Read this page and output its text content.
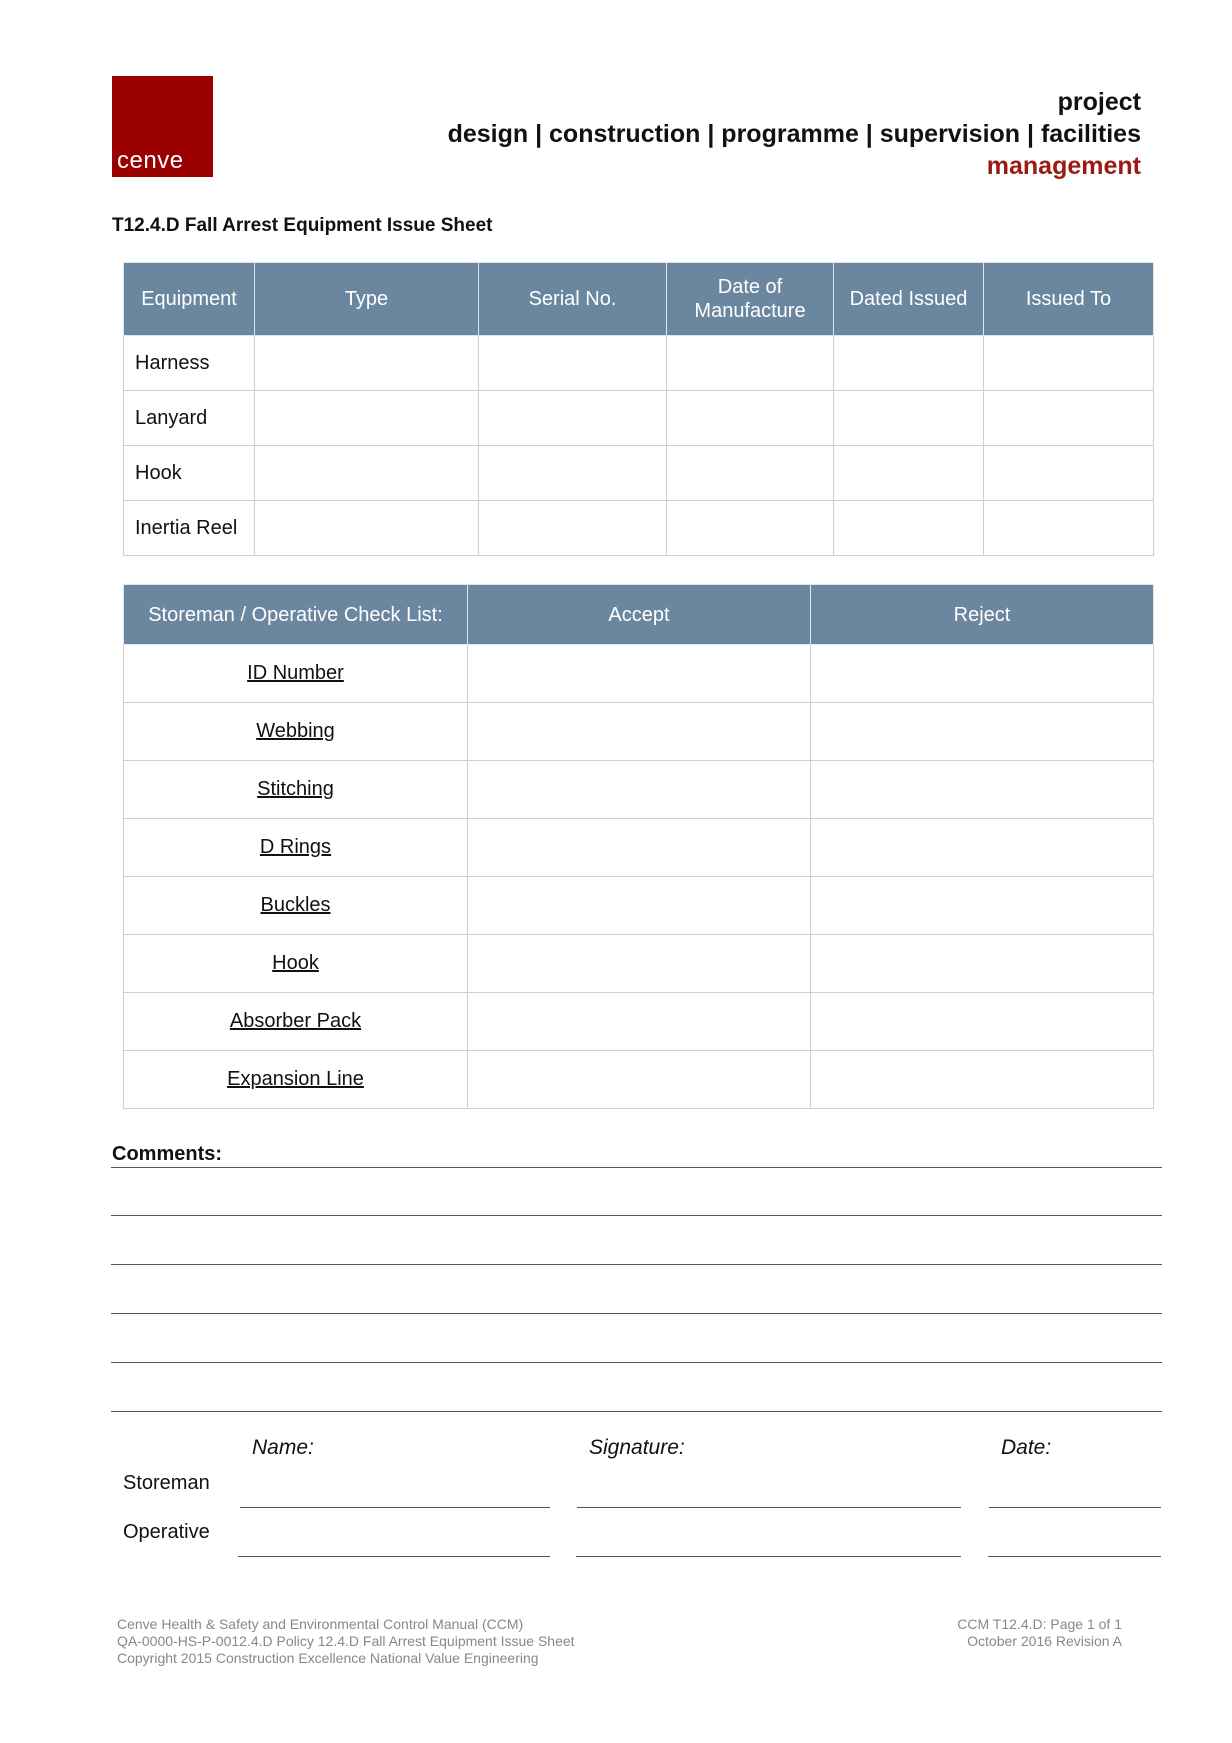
cenve
project
design | construction | programme | supervision | facilities
management
T12.4.D Fall Arrest Equipment Issue Sheet
Equipment	Type	Serial No.	Date of Manufacture	Dated Issued	Issued To
Harness					
Lanyard					
Hook					
Inertia Reel					
Storeman / Operative Check List:	Accept	Reject
ID Number		
Webbing		
Stitching		
D Rings		
Buckles		
Hook		
Absorber Pack		
Expansion Line		
Comments:
Name:	Signature:	Date:
Storeman
Operative
Cenve Health & Safety and Environmental Control Manual (CCM)
QA-0000-HS-P-0012.4.D Policy 12.4.D Fall Arrest Equipment Issue Sheet
Copyright 2015 Construction Excellence National Value Engineering
CCM T12.4.D: Page 1 of 1
October 2016 Revision A
